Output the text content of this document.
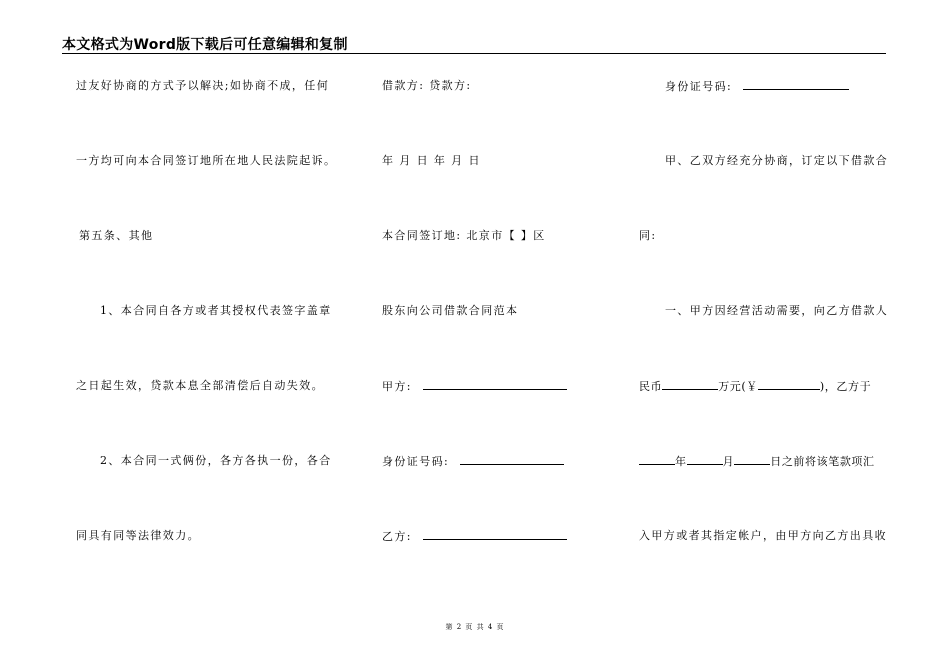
本文格式为Word版下载后可任意编辑和复制
过友好协商的方式予以解决;如协商不成，任何
一方均可向本合同签订地所在地人民法院起诉。
第五条、其他
1、本合同自各方或者其授权代表签字盖章
之日起生效，贷款本息全部清偿后自动失效。
2、本合同一式俩份，各方各执一份，各合
同具有同等法律效力。
借款方: 贷款方:
年 月 日 年 月 日
本合同签订地: 北京市【 】区
股东向公司借款合同范本
甲方:
身份证号码:
乙方:
身份证号码:
甲、乙双方经充分协商，订定以下借款合
同:
一、甲方因经营活动需要，向乙方借款人
民币	万元(￥	)，乙方于
年	月	日之前将该笔款项汇
入甲方或者其指定帐户，由甲方向乙方出具收
第 2 页 共 4 页
